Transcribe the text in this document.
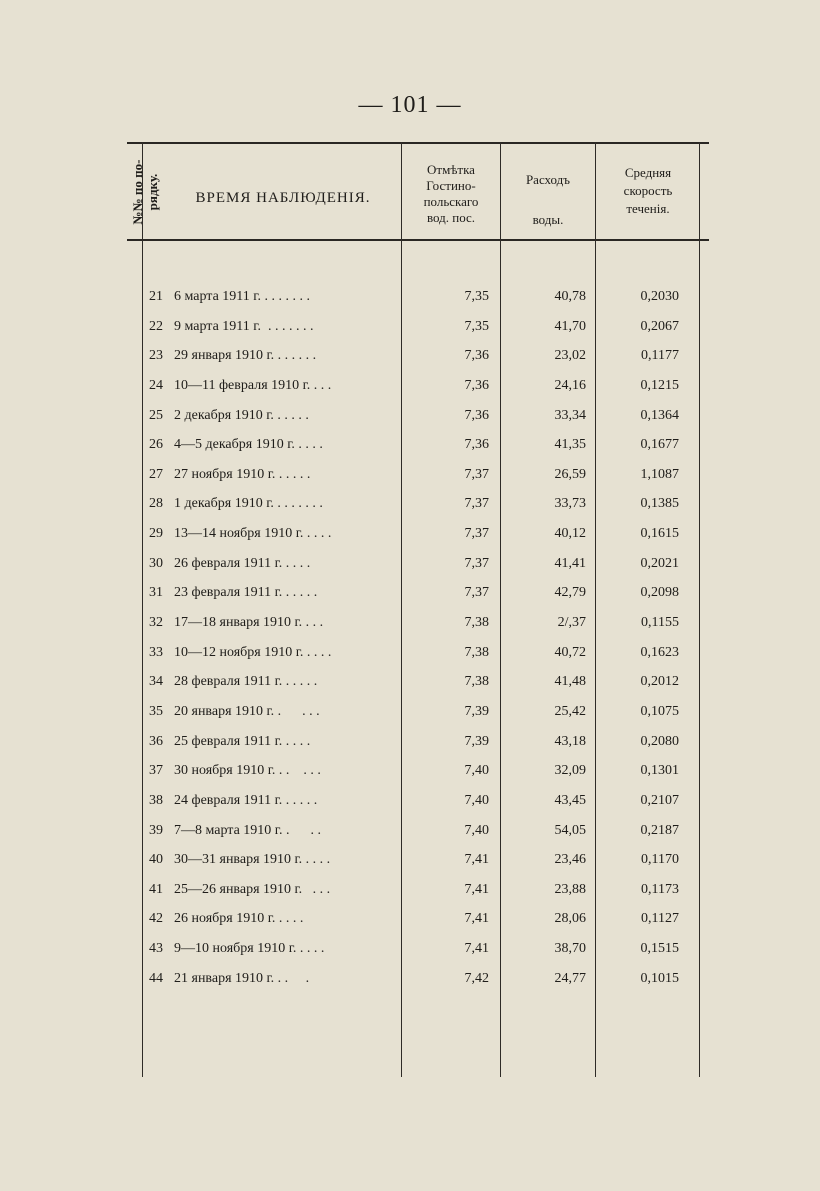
— 101 —
№№ по по-
рядку.	ВРЕМЯ НАБЛЮДЕНІЯ.
Отмѣтка
Гостино-
польскаго
вод. пос.
Расходъ

воды.
Средняя
скорость
теченія.
21 6 марта 1911 г. . . . . . . .	7,35	40,78	0,2030
22 9 марта 1911 г.  . . . . . . .	7,35	41,70	0,2067
23 29 января 1910 г. . . . . . .	7,36	23,02	0,1177
24 10—11 февраля 1910 г. . . .	7,36	24,16	0,1215
25 2 декабря 1910 г. . . . . .	7,36	33,34	0,1364
26 4—5 декабря 1910 г. . . . .	7,36	41,35	0,1677
27 27 ноября 1910 г. . . . . .	7,37	26,59	1,1087
28 1 декабря 1910 г. . . . . . . .	7,37	33,73	0,1385
29 13—14 ноября 1910 г. . . . .	7,37	40,12	0,1615
30 26 февраля 1911 г. . . . .	7,37	41,41	0,2021
31 23 февраля 1911 г. . . . . .	7,37	42,79	0,2098
32 17—18 января 1910 г. . . .	7,38	2/,37	0,1155
33 10—12 ноября 1910 г. . . . .	7,38	40,72	0,1623
34 28 февраля 1911 г. . . . . .	7,38	41,48	0,2012
35 20 января 1910 г. .      . . .	7,39	25,42	0,1075
36 25 февраля 1911 г. . . . .	7,39	43,18	0,2080
37 30 ноября 1910 г. . .    . . .	7,40	32,09	0,1301
38 24 февраля 1911 г. . . . . .	7,40	43,45	0,2107
39 7—8 марта 1910 г. .      . .	7,40	54,05	0,2187
40 30—31 января 1910 г. . . . .	7,41	23,46	0,1170
41 25—26 января 1910 г.   . . .	7,41	23,88	0,1173
42 26 ноября 1910 г. . . . .	7,41	28,06	0,1127
43 9—10 ноября 1910 г. . . . .	7,41	38,70	0,1515
44 21 января 1910 г. . .     .	7,42	24,77	0,1015
